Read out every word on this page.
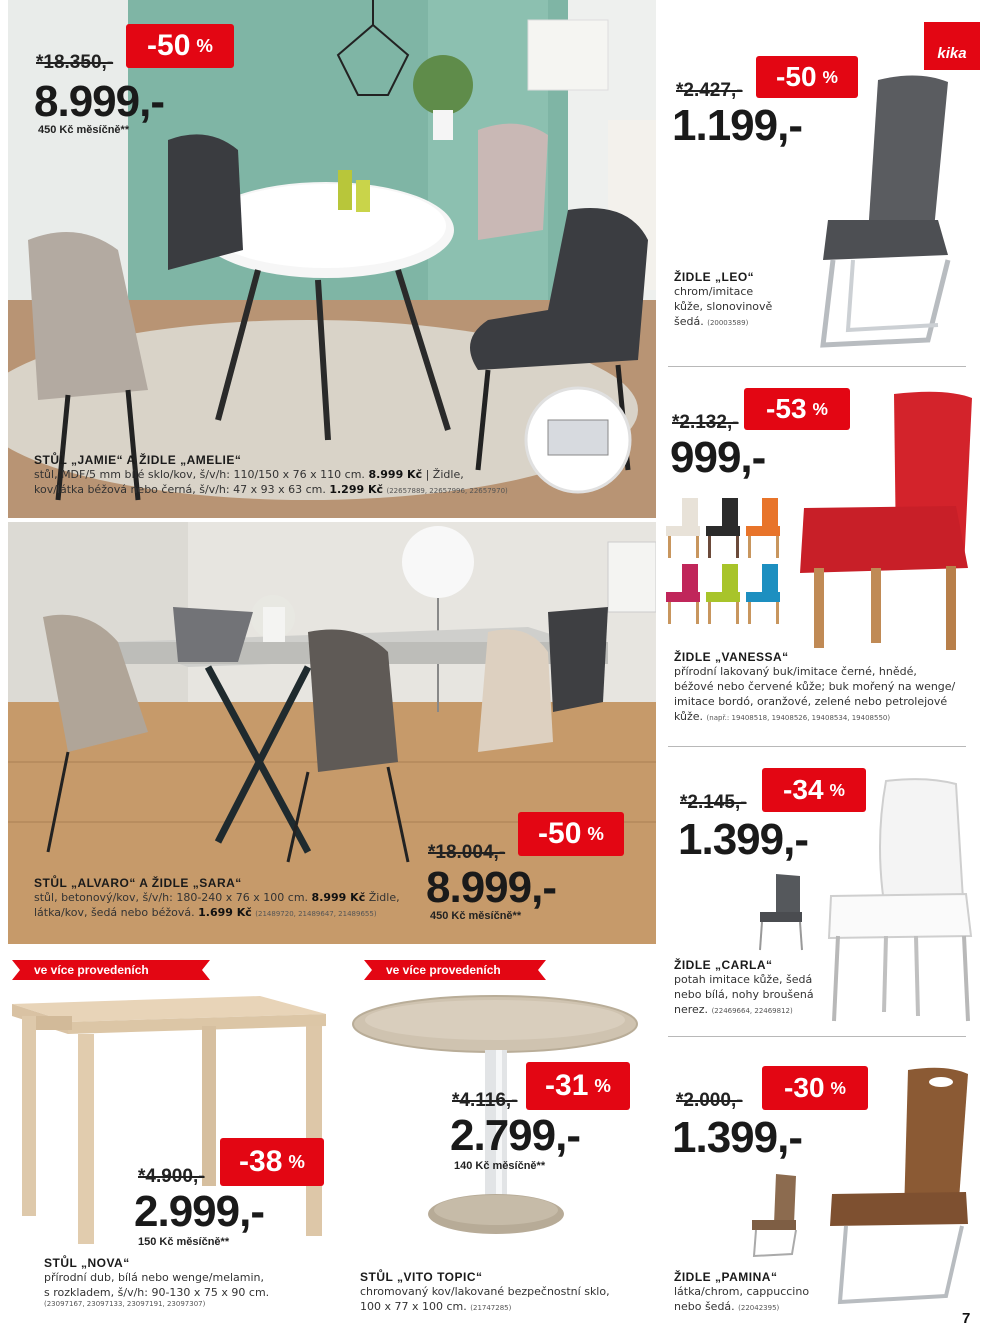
*18.350,-
-50 %
8.999,-
450 Kč měsíčně**
STŮL „JAMIE“ A ŽIDLE „AMELIE“
stůl, MDF/5 mm bílé sklo/kov, š/v/h: 110/150 x 76 x 110 cm. 8.999 Kč | Židle,
kov/látka béžová nebo černá, š/v/h: 47 x 93 x 63 cm. 1.299 Kč (22657889, 22657996, 22657970)
*18.004,-
-50 %
8.999,-
450 Kč měsíčně**
STŮL „ALVARO“ A ŽIDLE „SARA“
stůl, betonový/kov, š/v/h: 180-240 x 76 x 100 cm. 8.999 Kč Židle,
látka/kov, šedá nebo béžová. 1.699 Kč (21489720, 21489647, 21489655)
kika
*2.427,- -50 %
1.199,-
ŽIDLE „LEO“
chrom/imitace
kůže, slonovinově
šedá. (20003589)
*2.132,- -53 %
999,-
ŽIDLE „VANESSA“
přírodní lakovaný buk/imitace černé, hnědé,
béžové nebo červené kůže; buk mořený na wenge/
imitace bordó, oranžové, zelené nebo petrolejové
kůže. (např.: 19408518, 19408526, 19408534, 19408550)
*2.145,- -34 %
1.399,-
ŽIDLE „CARLA“
potah imitace kůže, šedá
nebo bílá, nohy broušená
nerez. (22469664, 22469812)
*2.000,- -30 %
1.399,-
ŽIDLE „PAMINA“
látka/chrom, cappuccino
nebo šedá. (22042395)
ve více provedeních
*4.900,- -38 %
2.999,-
150 Kč měsíčně**
STŮL „NOVA“
přírodní dub, bílá nebo wenge/melamin,
s rozkladem, š/v/h: 90-130 x 75 x 90 cm.
(23097167, 23097133, 23097191, 23097307)
ve více provedeních
*4.116,- -31 %
2.799,-
140 Kč měsíčně**
STŮL „VITO TOPIC“
chromovaný kov/lakované bezpečnostní sklo,
100 x 77 x 100 cm. (21747285)
7
